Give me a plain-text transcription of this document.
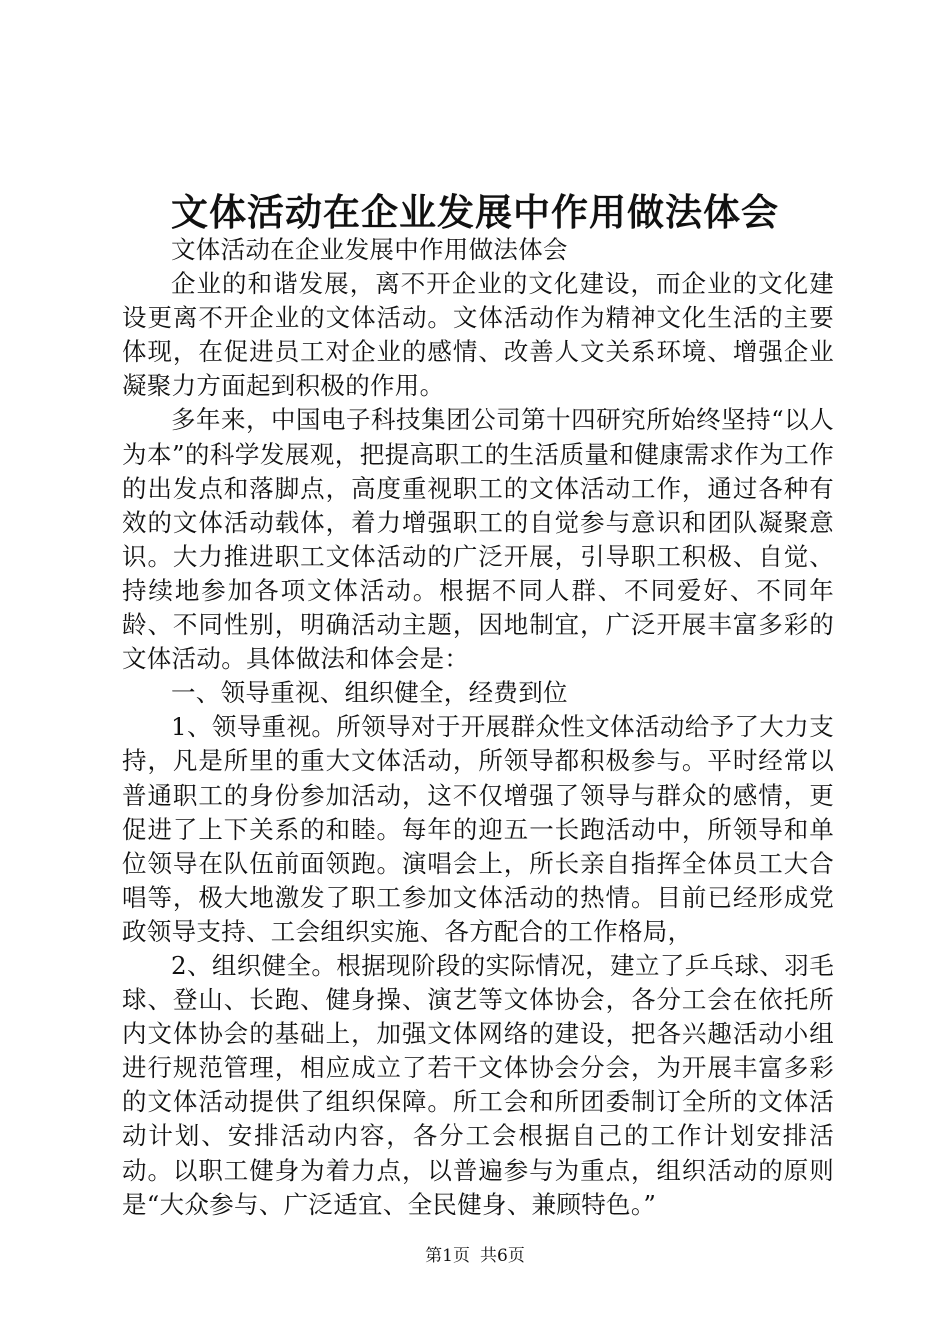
文体活动在企业发展中作用做法体会

文体活动在企业发展中作用做法体会

企业的和谐发展，离不开企业的文化建设，而企业的文化建设更离不开企业的文体活动。文体活动作为精神文化生活的主要体现，在促进员工对企业的感情、改善人文关系环境、增强企业凝聚力方面起到积极的作用。

多年来，中国电子科技集团公司第十四研究所始终坚持“以人为本”的科学发展观，把提高职工的生活质量和健康需求作为工作的出发点和落脚点，高度重视职工的文体活动工作，通过各种有效的文体活动载体，着力增强职工的自觉参与意识和团队凝聚意识。大力推进职工文体活动的广泛开展，引导职工积极、自觉、持续地参加各项文体活动。根据不同人群、不同爱好、不同年龄、不同性别，明确活动主题，因地制宜，广泛开展丰富多彩的文体活动。具体做法和体会是：

一、领导重视、组织健全，经费到位

1、领导重视。所领导对于开展群众性文体活动给予了大力支持，凡是所里的重大文体活动，所领导都积极参与。平时经常以普通职工的身份参加活动，这不仅增强了领导与群众的感情，更促进了上下关系的和睦。每年的迎五一长跑活动中，所领导和单位领导在队伍前面领跑。演唱会上，所长亲自指挥全体员工大合唱等，极大地激发了职工参加文体活动的热情。目前已经形成党政领导支持、工会组织实施、各方配合的工作格局，

2、组织健全。根据现阶段的实际情况，建立了乒乓球、羽毛球、登山、长跑、健身操、演艺等文体协会，各分工会在依托所内文体协会的基础上，加强文体网络的建设，把各兴趣活动小组进行规范管理，相应成立了若干文体协会分会，为开展丰富多彩的文体活动提供了组织保障。所工会和所团委制订全所的文体活动计划、安排活动内容，各分工会根据自己的工作计划安排活动。以职工健身为着力点，以普遍参与为重点，组织活动的原则是“大众参与、广泛适宜、全民健身、兼顾特色。”

第1页 共6页
